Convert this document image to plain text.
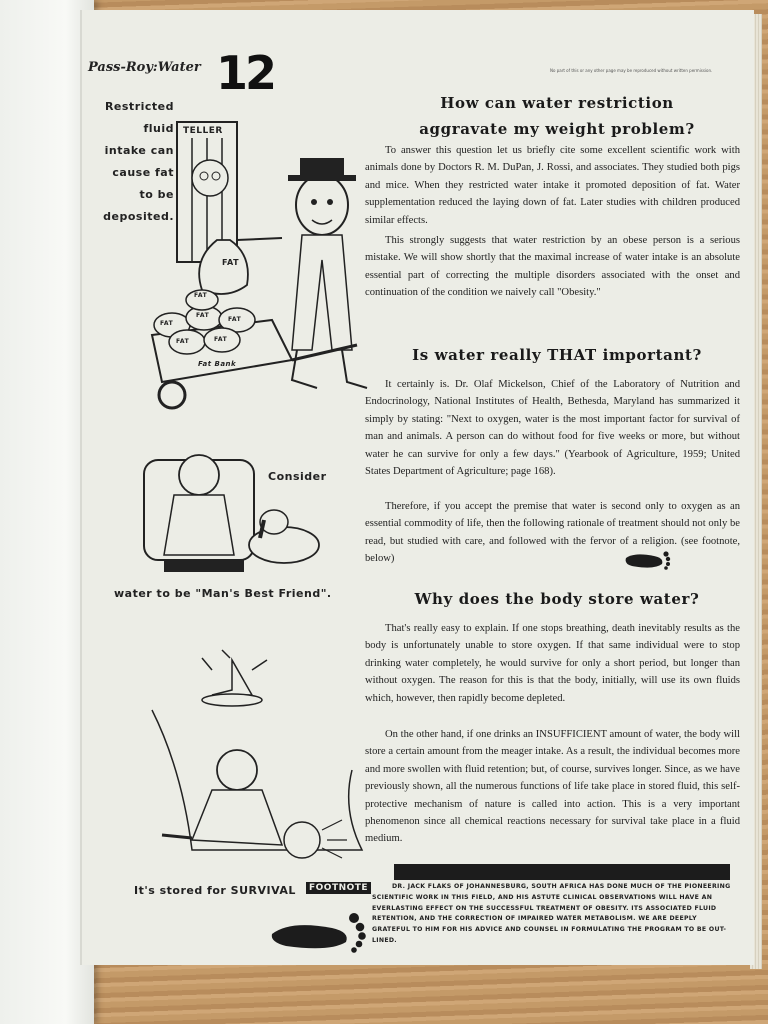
Pass-Roy:Water 12	No part of this or any other page may be reproduced without written permission.
Restricted fluid
intake can
cause fat
to be
deposited.
TELLER
FAT
FAT
FAT
FAT
FAT	FAT
FAT
Fat Bank
Consider
water to be "Man's Best Friend".
It's stored for SURVIVAL
How can water restriction
aggravate my weight problem?

To answer this question let us briefly cite some excellent scientific work with animals done by Doctors R. M. DuPan, J. Rossi, and associates. They studied both pigs and mice. When they restricted water intake it promoted deposition of fat. Water supplementation reduced the laying down of fat. Later studies with children produced similar effects.

This strongly suggests that water restriction by an obese person is a serious mistake. We will show shortly that the maximal increase of water intake is an absolute essential part of correcting the multiple disorders associated with the onset and continuation of the condition we naively call "Obesity."

Is water really THAT important?

It certainly is. Dr. Olaf Mickelson, Chief of the Laboratory of Nutrition and Endocrinology, National Institutes of Health, Bethesda, Maryland has summarized it simply by stating: "Next to oxygen, water is the most important factor for survival of man and animals. A person can do without food for five weeks or more, but without water he can survive for only a few days." (Yearbook of Agriculture, 1959; United States Department of Agriculture; page 168).

Therefore, if you accept the premise that water is second only to oxygen as an essential commodity of life, then the following rationale of treatment should not only be read, but studied with care, and followed with the fervor of a religion. (see footnote, below)

Why does the body store water?

That's really easy to explain. If one stops breathing, death inevitably results as the body is unfortunately unable to store oxygen. If that same individual were to stop drinking water completely, he would survive for only a short period, but longer than without oxygen. The reason for this is that the body, initially, will use its own fluids which, however, then rapidly become depleted.

On the other hand, if one drinks an INSUFFICIENT amount of water, the body will store a certain amount from the meager intake. As a result, the individual becomes more and more swollen with fluid retention; but, of course, survives longer. Since, as we have previously shown, all the numerous functions of life take place in stored fluid, this self-protective mechanism of nature is called into action. This is a very important phenomenon since all chemical reactions necessary for survival take place in a fluid medium.

FOOTNOTE	DR. JACK FLAKS OF JOHANNESBURG, SOUTH AFRICA HAS DONE MUCH OF THE PIONEERING SCIENTIFIC WORK IN THIS FIELD, AND HIS ASTUTE CLINICAL OBSERVATIONS WILL HAVE AN EVERLASTING EFFECT ON THE SUCCESSFUL TREATMENT OF OBESITY. ITS ASSOCIATED FLUID RETENTION, AND THE CORRECTION OF IMPAIRED WATER METABOLISM. WE ARE DEEPLY GRATEFUL TO HIM FOR HIS ADVICE AND COUNSEL IN FORMULATING THE PROGRAM TO BE OUT-LINED.
